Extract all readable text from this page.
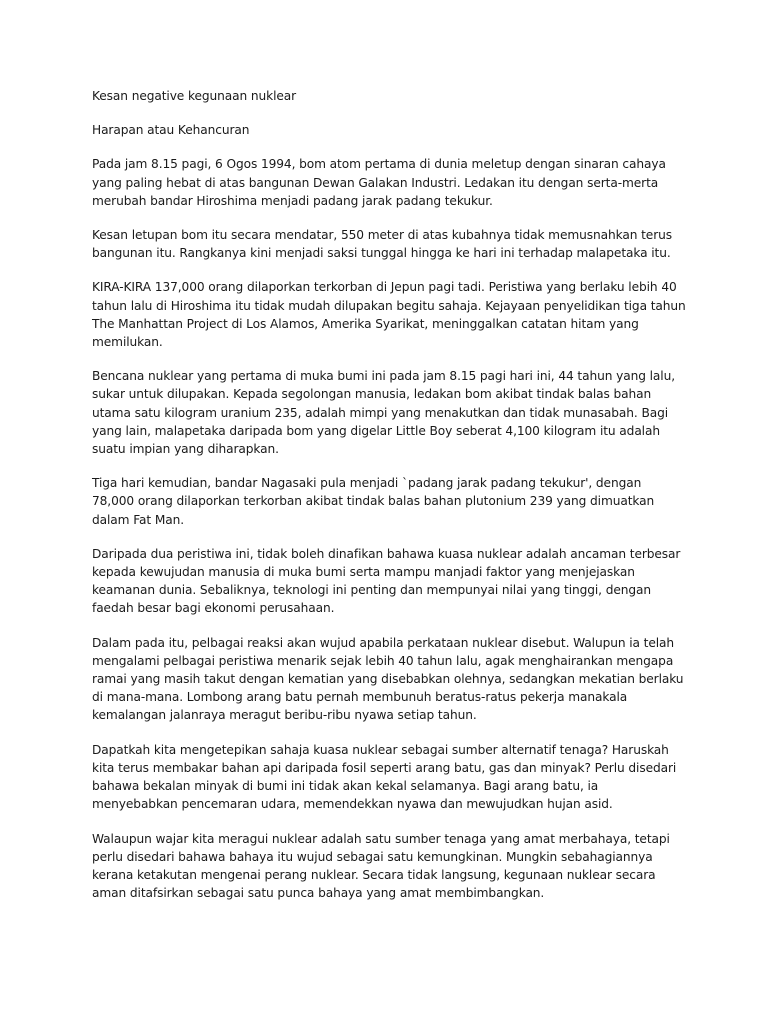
Kesan negative kegunaan nuklear

Harapan atau Kehancuran

Pada jam 8.15 pagi, 6 Ogos 1994, bom atom pertama di dunia meletup dengan sinaran cahaya yang paling hebat di atas bangunan Dewan Galakan Industri. Ledakan itu dengan serta-merta merubah bandar Hiroshima menjadi padang jarak padang tekukur.

Kesan letupan bom itu secara mendatar, 550 meter di atas kubahnya tidak memusnahkan terus bangunan itu. Rangkanya kini menjadi saksi tunggal hingga ke hari ini terhadap malapetaka itu.

KIRA-KIRA 137,000 orang dilaporkan terkorban di Jepun pagi tadi. Peristiwa yang berlaku lebih 40 tahun lalu di Hiroshima itu tidak mudah dilupakan begitu sahaja. Kejayaan penyelidikan tiga tahun The Manhattan Project di Los Alamos, Amerika Syarikat, meninggalkan catatan hitam yang memilukan.

Bencana nuklear yang pertama di muka bumi ini pada jam 8.15 pagi hari ini, 44 tahun yang lalu, sukar untuk dilupakan. Kepada segolongan manusia, ledakan bom akibat tindak balas bahan utama satu kilogram uranium 235, adalah mimpi yang menakutkan dan tidak munasabah. Bagi yang lain, malapetaka daripada bom yang digelar Little Boy seberat 4,100 kilogram itu adalah suatu impian yang diharapkan.

Tiga hari kemudian, bandar Nagasaki pula menjadi `padang jarak padang tekukur', dengan 78,000 orang dilaporkan terkorban akibat tindak balas bahan plutonium 239 yang dimuatkan dalam Fat Man.

Daripada dua peristiwa ini, tidak boleh dinafikan bahawa kuasa nuklear adalah ancaman terbesar kepada kewujudan manusia di muka bumi serta mampu manjadi faktor yang menjejaskan keamanan dunia. Sebaliknya, teknologi ini penting dan mempunyai nilai yang tinggi, dengan faedah besar bagi ekonomi perusahaan.

Dalam pada itu, pelbagai reaksi akan wujud apabila perkataan nuklear disebut. Walupun ia telah mengalami pelbagai peristiwa menarik sejak lebih 40 tahun lalu, agak menghairankan mengapa ramai yang masih takut dengan kematian yang disebabkan olehnya, sedangkan mekatian berlaku di mana-mana. Lombong arang batu pernah membunuh beratus-ratus pekerja manakala kemalangan jalanraya meragut beribu-ribu nyawa setiap tahun.

Dapatkah kita mengetepikan sahaja kuasa nuklear sebagai sumber alternatif tenaga? Haruskah kita terus membakar bahan api daripada fosil seperti arang batu, gas dan minyak? Perlu disedari bahawa bekalan minyak di bumi ini tidak akan kekal selamanya. Bagi arang batu, ia menyebabkan pencemaran udara, memendekkan nyawa dan mewujudkan hujan asid.

Walaupun wajar kita meragui nuklear adalah satu sumber tenaga yang amat merbahaya, tetapi perlu disedari bahawa bahaya itu wujud sebagai satu kemungkinan. Mungkin sebahagiannya kerana ketakutan mengenai perang nuklear. Secara tidak langsung, kegunaan nuklear secara aman ditafsirkan sebagai satu punca bahaya yang amat membimbangkan.
